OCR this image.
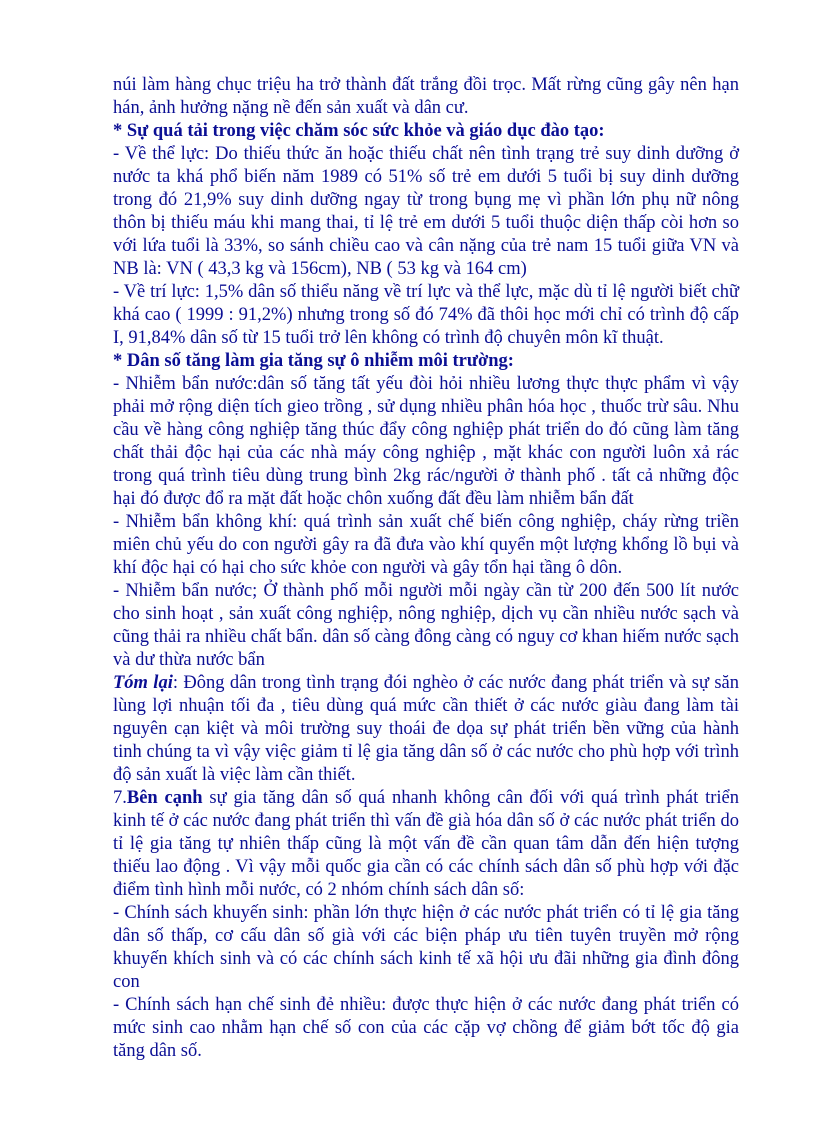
núi làm hàng chục triệu ha trở thành đất trắng đồi trọc. Mất rừng cũng gây nên hạn hán, ảnh hưởng nặng nề đến sản xuất và dân cư.

* Sự quá tải trong việc chăm sóc sức khỏe và giáo dục đào tạo:

- Về thể lực: Do thiếu thức ăn hoặc thiếu chất nên tình trạng trẻ suy dinh dưỡng ở nước ta khá phổ biến năm 1989 có 51% số trẻ em dưới 5 tuổi bị suy dinh dưỡng trong đó 21,9% suy dinh dưỡng ngay từ trong bụng mẹ vì phần lớn phụ nữ nông thôn bị thiếu máu khi mang thai, tỉ lệ trẻ em dưới 5 tuổi thuộc diện thấp còi hơn so với lứa tuổi là 33%, so sánh chiều cao và cân nặng của trẻ nam 15 tuổi giữa VN và NB là: VN ( 43,3 kg và 156cm), NB ( 53 kg và 164 cm)

- Về trí lực: 1,5% dân số thiểu năng về trí lực và thể lực, mặc dù tỉ lệ người biết chữ khá cao ( 1999 : 91,2%) nhưng trong số đó 74% đã thôi học mới chỉ có trình độ cấp I, 91,84% dân số từ 15 tuổi trở lên không có trình độ chuyên môn kĩ thuật.

* Dân số tăng làm gia tăng sự ô nhiễm môi trường:

- Nhiễm bẩn nước:dân số tăng tất yếu đòi hỏi nhiều lương thực thực phẩm vì vậy phải mở rộng diện tích gieo trồng , sử dụng nhiều phân hóa học , thuốc trừ sâu. Nhu cầu về hàng công nghiệp tăng thúc đẩy công nghiệp phát triển do đó cũng làm tăng chất thải độc hại của các nhà máy công nghiệp , mặt khác con người luôn xả rác trong quá trình tiêu dùng trung bình 2kg rác/người ở thành phố . tất cả những độc hại đó được đổ ra mặt đất hoặc chôn xuống đất đều làm nhiễm bẩn đất

- Nhiễm bẩn không khí: quá trình sản xuất chế biến công nghiệp, cháy rừng triền miên chủ yếu do con người gây ra đã đưa vào khí quyển một lượng khổng lồ bụi và khí độc hại có hại cho sức khỏe con người và gây tổn hại tầng ô dôn.

- Nhiễm bẩn nước; Ở thành phố mỗi người mỗi ngày cần từ 200 đến 500 lít nước cho sinh hoạt , sản xuất công nghiệp, nông nghiệp, dịch vụ cần nhiều nước sạch và cũng thải ra nhiều chất bẩn. dân số càng đông càng có nguy cơ khan hiếm nước sạch và dư thừa nước bẩn

Tóm lại: Đông dân trong tình trạng đói nghèo ở các nước đang phát triển và sự săn lùng lợi nhuận tối đa , tiêu dùng quá mức cần thiết ở các nước giàu đang làm tài nguyên cạn kiệt và môi trường suy thoái đe dọa sự phát triển bền vững của hành tinh chúng ta vì vậy việc giảm tỉ lệ gia tăng dân số ở các nước cho phù hợp với trình độ sản xuất là việc làm cần thiết.

7.Bên cạnh sự gia tăng dân số quá nhanh không cân đối với quá trình phát triển kinh tế ở các nước đang phát triển thì vấn đề già hóa dân số ở các nước phát triển do tỉ lệ gia tăng tự nhiên thấp cũng là một vấn đề cần quan tâm dẫn đến hiện tượng thiếu lao động . Vì vậy mỗi quốc gia cần có các chính sách dân số phù hợp với đặc điểm tình hình mỗi nước, có 2 nhóm chính sách dân số:

- Chính sách khuyến sinh: phần lớn thực hiện ở các nước phát triển có tỉ lệ gia tăng dân số thấp, cơ cấu dân số già với các biện pháp ưu tiên tuyên truyền mở rộng khuyến khích sinh và có các chính sách kinh tế xã hội ưu đãi những gia đình đông con

- Chính sách hạn chế sinh đẻ nhiều: được thực hiện ở các nước đang phát triển có mức sinh cao nhằm hạn chế số con của các cặp vợ chồng để giảm bớt tốc độ gia tăng dân số.
